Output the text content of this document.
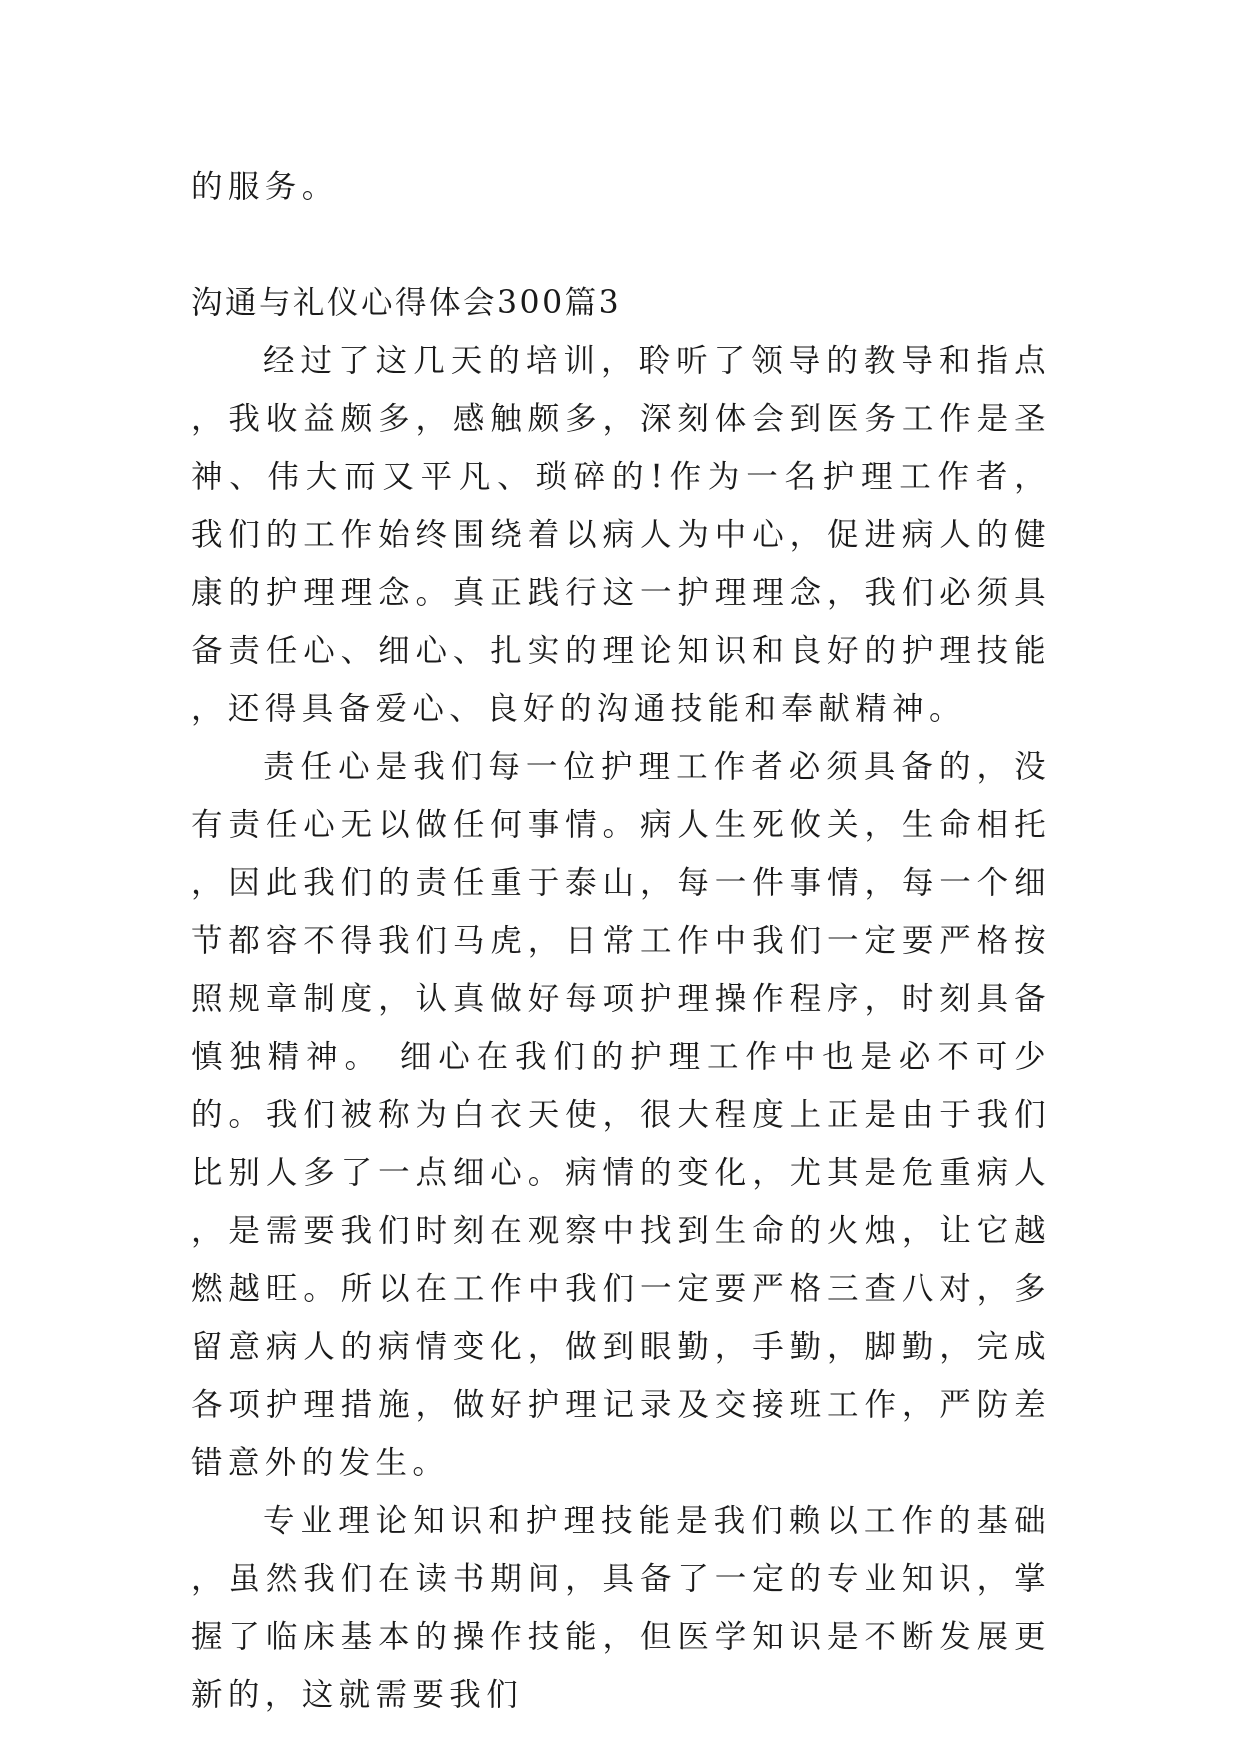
的服务。

沟通与礼仪心得体会300篇3

经过了这几天的培训，聆听了领导的教导和指点，我收益颇多，感触颇多，深刻体会到医务工作是圣神、伟大而又平凡、琐碎的!作为一名护理工作者，我们的工作始终围绕着以病人为中心，促进病人的健康的护理理念。真正践行这一护理理念，我们必须具备责任心、细心、扎实的理论知识和良好的护理技能，还得具备爱心、良好的沟通技能和奉献精神。

责任心是我们每一位护理工作者必须具备的，没有责任心无以做任何事情。病人生死攸关，生命相托，因此我们的责任重于泰山，每一件事情，每一个细节都容不得我们马虎，日常工作中我们一定要严格按照规章制度，认真做好每项护理操作程序，时刻具备慎独精神。 细心在我们的护理工作中也是必不可少的。我们被称为白衣天使，很大程度上正是由于我们比别人多了一点细心。病情的变化，尤其是危重病人，是需要我们时刻在观察中找到生命的火烛，让它越燃越旺。所以在工作中我们一定要严格三查八对，多留意病人的病情变化，做到眼勤，手勤，脚勤，完成各项护理措施，做好护理记录及交接班工作，严防差错意外的发生。

专业理论知识和护理技能是我们赖以工作的基础，虽然我们在读书期间，具备了一定的专业知识，掌握了临床基本的操作技能，但医学知识是不断发展更新的，这就需要我们
